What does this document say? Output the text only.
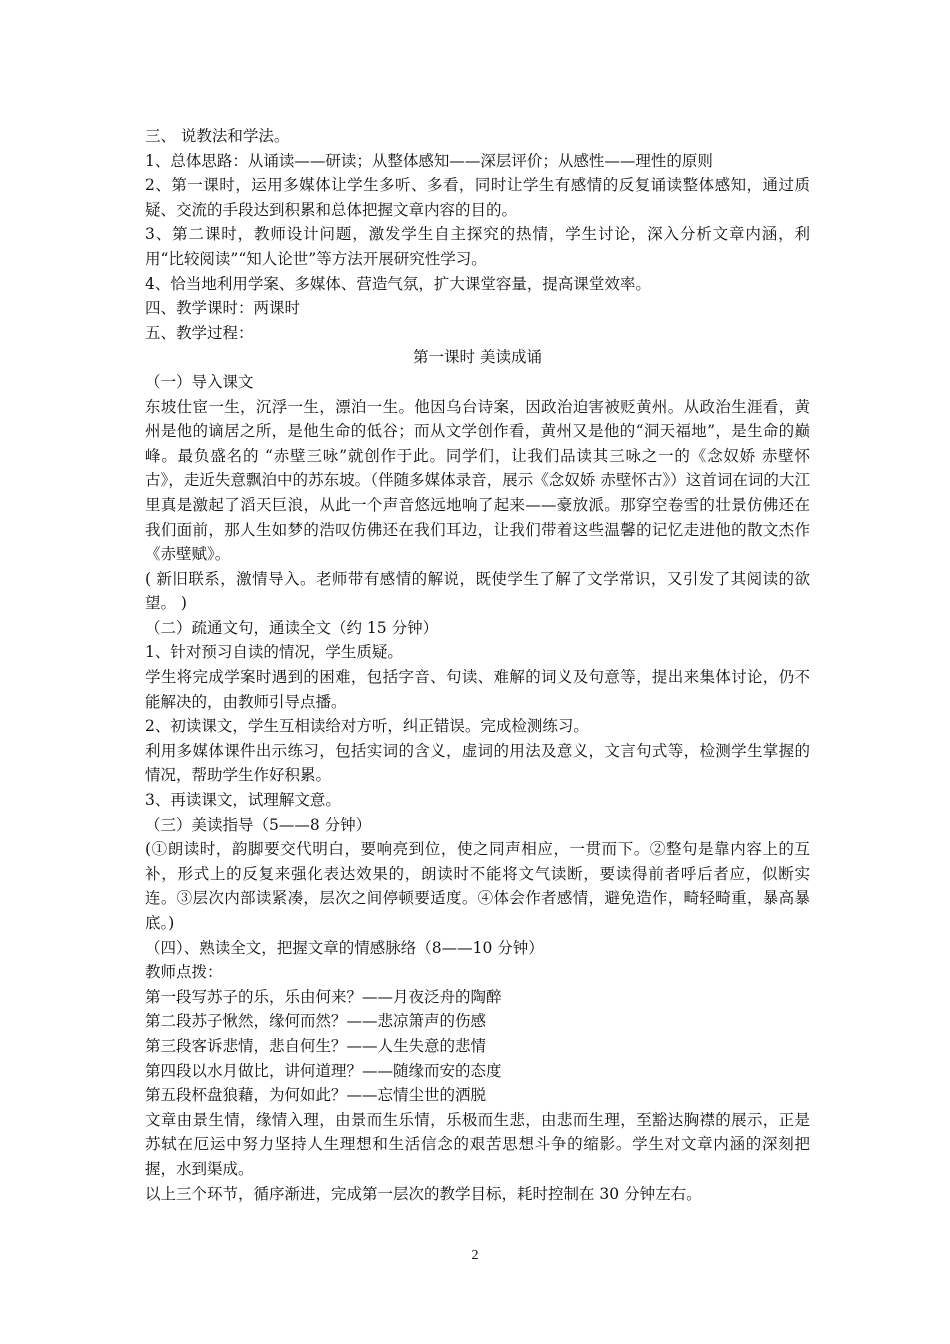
三、 说教法和学法。

1、总体思路：从诵读——研读；从整体感知——深层评价；从感性——理性的原则

2、第一课时，运用多媒体让学生多听、多看，同时让学生有感情的反复诵读整体感知，通过质疑、交流的手段达到积累和总体把握文章内容的目的。

3、第二课时，教师设计问题，激发学生自主探究的热情，学生讨论，深入分析文章内涵，利用“比较阅读”“知人论世”等方法开展研究性学习。

4、恰当地利用学案、多媒体、营造气氛，扩大课堂容量，提高课堂效率。

四、教学课时：两课时

五、教学过程：

第一课时 美读成诵

（一）导入课文

东坡仕宦一生，沉浮一生，漂泊一生。他因乌台诗案，因政治迫害被贬黄州。从政治生涯看，黄州是他的谪居之所，是他生命的低谷；而从文学创作看，黄州又是他的“洞天福地”，是生命的巅峰。最负盛名的 “赤壁三咏”就创作于此。同学们，让我们品读其三咏之一的《念奴娇 赤壁怀古》，走近失意飘泊中的苏东坡。（伴随多媒体录音，展示《念奴娇 赤壁怀古》）这首词在词的大江里真是激起了滔天巨浪，从此一个声音悠远地响了起来——豪放派。那穿空卷雪的壮景仿佛还在我们面前，那人生如梦的浩叹仿佛还在我们耳边，让我们带着这些温馨的记忆走进他的散文杰作《赤壁赋》。

( 新旧联系，激情导入。老师带有感情的解说，既使学生了解了文学常识，又引发了其阅读的欲望。 )

（二）疏通文句，通读全文（约 15 分钟）

1、针对预习自读的情况，学生质疑。

学生将完成学案时遇到的困难，包括字音、句读、难解的词义及句意等，提出来集体讨论，仍不能解决的，由教师引导点播。

2、初读课文，学生互相读给对方听，纠正错误。完成检测练习。

利用多媒体课件出示练习，包括实词的含义，虚词的用法及意义，文言句式等，检测学生掌握的情况，帮助学生作好积累。

3、再读课文，试理解文意。

（三）美读指导（5——8 分钟）

(①朗读时，韵脚要交代明白，要响亮到位，使之同声相应，一贯而下。②整句是靠内容上的互补，形式上的反复来强化表达效果的，朗读时不能将文气读断，要读得前者呼后者应，似断实连。③层次内部读紧凑，层次之间停顿要适度。④体会作者感情，避免造作，畸轻畸重，暴高暴底。)

（四）、熟读全文，把握文章的情感脉络（8——10 分钟）

教师点拨：

第一段写苏子的乐，乐由何来？——月夜泛舟的陶醉

第二段苏子愀然，缘何而然？——悲凉箫声的伤感

第三段客诉悲情，悲自何生？——人生失意的悲情

第四段以水月做比，讲何道理？——随缘而安的态度

第五段杯盘狼藉，为何如此？——忘情尘世的洒脱

文章由景生情，缘情入理，由景而生乐情，乐极而生悲，由悲而生理，至豁达胸襟的展示，正是苏轼在厄运中努力坚持人生理想和生活信念的艰苦思想斗争的缩影。学生对文章内涵的深刻把握，水到渠成。

以上三个环节，循序渐进，完成第一层次的教学目标，耗时控制在 30 分钟左右。

2
